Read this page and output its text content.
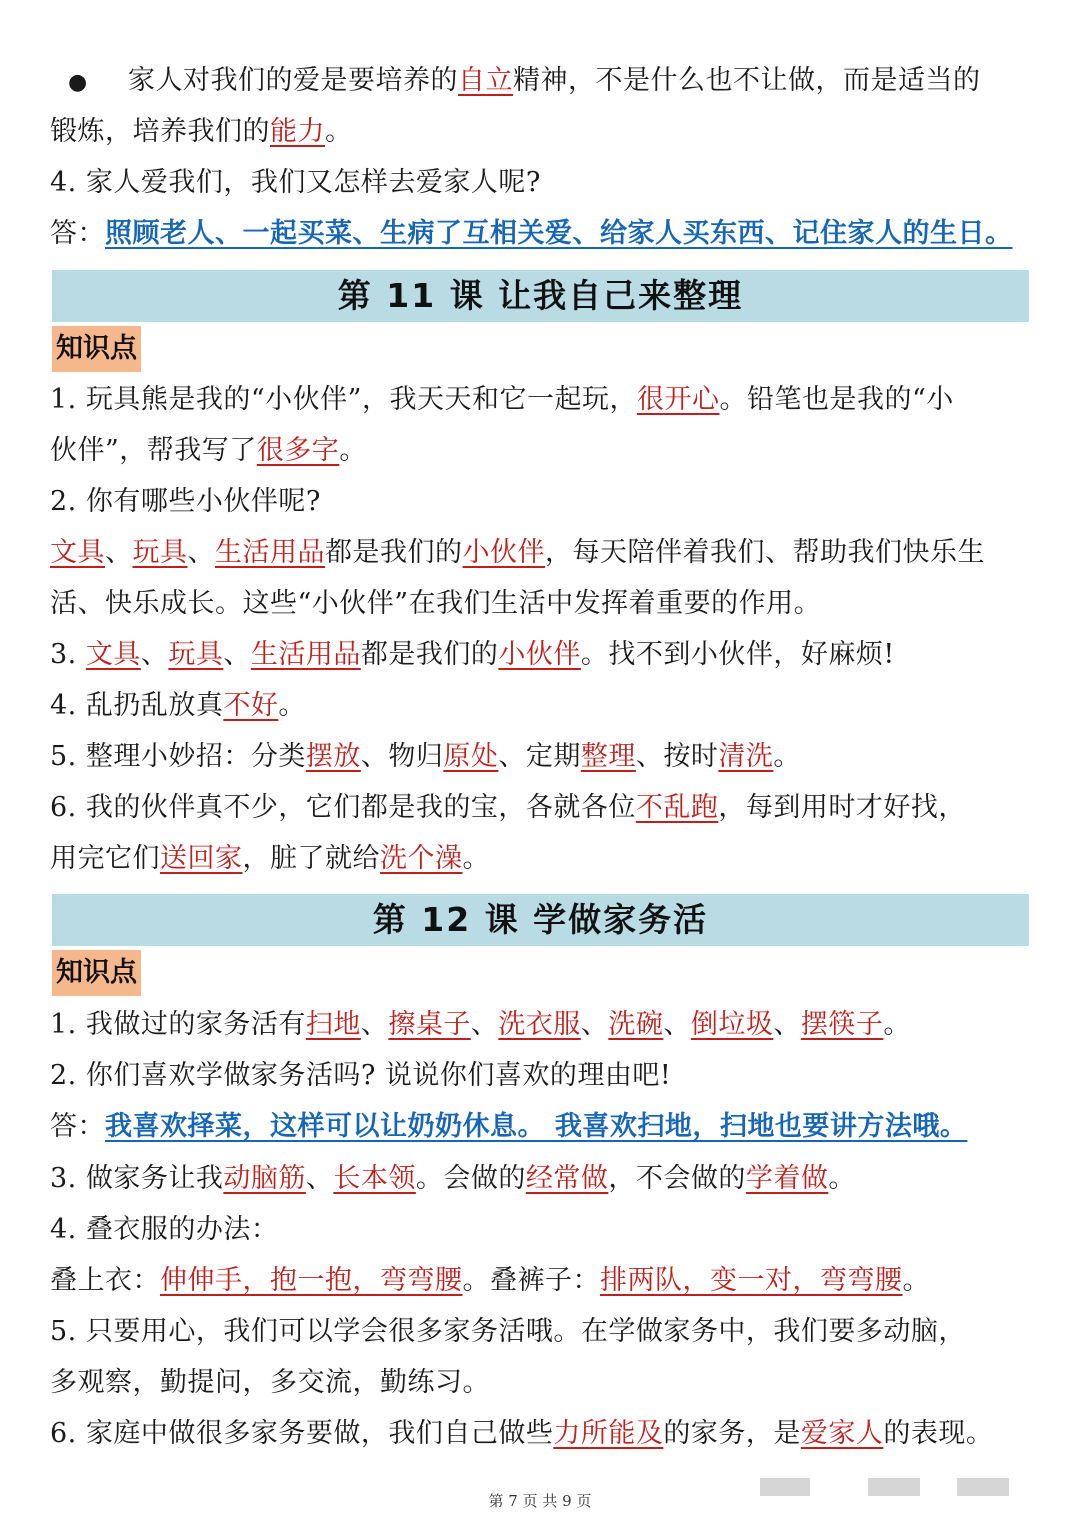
● 家人对我们的爱是要培养的自立精神，不是什么也不让做，而是适当的
锻炼，培养我们的能力。
4. 家人爱我们，我们又怎样去爱家人呢?
答：照顾老人、一起买菜、生病了互相关爱、给家人买东西、记住家人的生日。
第 11 课 让我自己来整理
知识点
1. 玩具熊是我的“小伙伴”，我天天和它一起玩，很开心。铅笔也是我的“小
伙伴”，帮我写了很多字。
2. 你有哪些小伙伴呢?
文具、玩具、生活用品都是我们的小伙伴，每天陪伴着我们、帮助我们快乐生
活、快乐成长。这些“小伙伴”在我们生活中发挥着重要的作用。
3. 文具、玩具、生活用品都是我们的小伙伴。找不到小伙伴，好麻烦!
4. 乱扔乱放真不好。
5. 整理小妙招：分类摆放、物归原处、定期整理、按时清洗。
6. 我的伙伴真不少，它们都是我的宝，各就各位不乱跑，每到用时才好找，
用完它们送回家，脏了就给洗个澡。
第 12 课 学做家务活
知识点
1. 我做过的家务活有扫地、擦桌子、洗衣服、洗碗、倒垃圾、摆筷子。
2. 你们喜欢学做家务活吗? 说说你们喜欢的理由吧!
答：我喜欢择菜，这样可以让奶奶休息。 我喜欢扫地，扫地也要讲方法哦。
3. 做家务让我动脑筋、长本领。会做的经常做，不会做的学着做。
4. 叠衣服的办法：
叠上衣：伸伸手，抱一抱，弯弯腰。叠裤子：排两队，变一对，弯弯腰。
5. 只要用心，我们可以学会很多家务活哦。在学做家务中，我们要多动脑，
多观察，勤提问，多交流，勤练习。
6. 家庭中做很多家务要做，我们自己做些力所能及的家务，是爱家人的表现。
第 7 页 共 9 页
